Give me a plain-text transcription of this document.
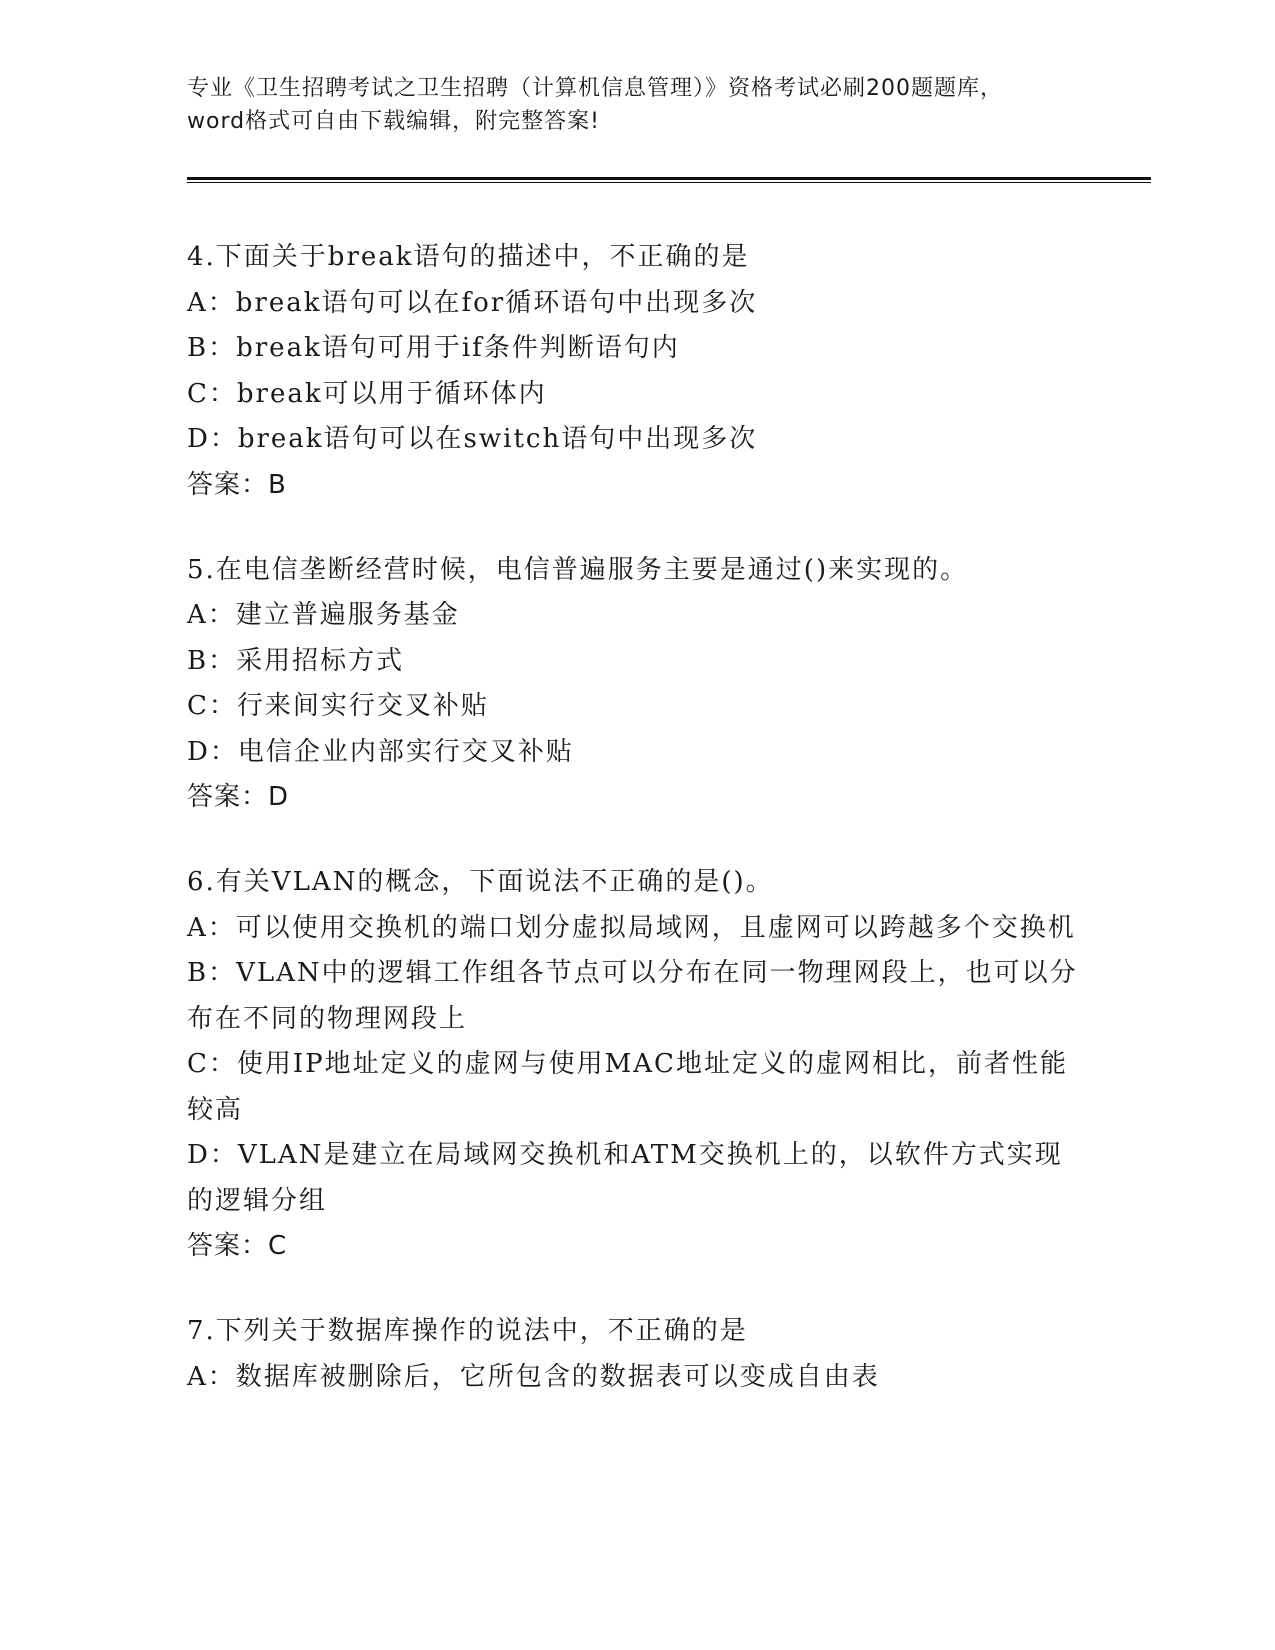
专业《卫生招聘考试之卫生招聘（计算机信息管理）》资格考试必刷200题题库，
word格式可自由下载编辑，附完整答案!

4.下面关于break语句的描述中，不正确的是

A：break语句可以在for循环语句中出现多次

B：break语句可用于if条件判断语句内

C：break可以用于循环体内

D：break语句可以在switch语句中出现多次

答案：B

5.在电信垄断经营时候，电信普遍服务主要是通过()来实现的。

A：建立普遍服务基金

B：采用招标方式

C：行来间实行交叉补贴

D：电信企业内部实行交叉补贴

答案：D

6.有关VLAN的概念，下面说法不正确的是()。

A：可以使用交换机的端口划分虚拟局域网，且虚网可以跨越多个交换机

B：VLAN中的逻辑工作组各节点可以分布在同一物理网段上，也可以分布在不同的物理网段上

C：使用IP地址定义的虚网与使用MAC地址定义的虚网相比，前者性能较高

D：VLAN是建立在局域网交换机和ATM交换机上的，以软件方式实现的逻辑分组

答案：C

7.下列关于数据库操作的说法中，不正确的是

A：数据库被删除后，它所包含的数据表可以变成自由表
